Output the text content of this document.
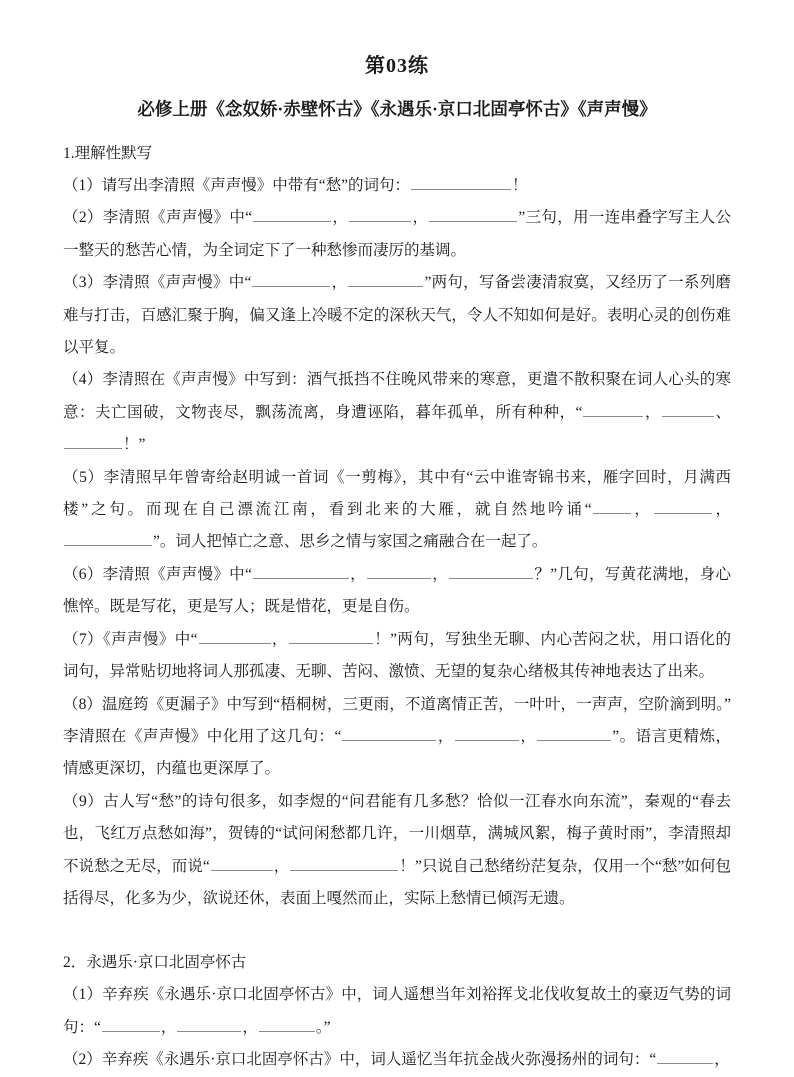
第03练
必修上册《念奴娇·赤壁怀古》《永遇乐·京口北固亭怀古》《声声慢》
1.理解性默写

（1）请写出李清照《声声慢》中带有“愁”的词句：	！

（2）李清照《声声慢》中“	，	，	”三句，用一连串叠字写主人公一整天的愁苦心情，为全词定下了一种愁惨而凄厉的基调。

（3）李清照《声声慢》中“	，	”两句，写备尝凄清寂寞，又经历了一系列磨难与打击，百感汇聚于胸，偏又逢上冷暖不定的深秋天气，令人不知如何是好。表明心灵的创伤难以平复。

（4）李清照在《声声慢》中写到：酒气抵挡不住晚风带来的寒意，更遣不散积聚在词人心头的寒意：夫亡国破，文物丧尽，飘荡流离，身遭诬陷，暮年孤单，所有种种，“	，	、！”

（5）李清照早年曾寄给赵明诚一首词《一剪梅》，其中有“云中谁寄锦书来，雁字回时，月满西楼”之句。而现在自己漂流江南，看到北来的大雁，就自然地吟诵“	，	，”。词人把悼亡之意、思乡之情与家国之痛融合在一起了。

（6）李清照《声声慢》中“	，	，	？”几句，写黄花满地，身心憔悴。既是写花，更是写人；既是惜花，更是自伤。

（7）《声声慢》中“	，	！”两句，写独坐无聊、内心苦闷之状，用口语化的词句，异常贴切地将词人那孤凄、无聊、苦闷、激愤、无望的复杂心绪极其传神地表达了出来。

（8）温庭筠《更漏子》中写到“梧桐树，三更雨，不道离情正苦，一叶叶，一声声，空阶滴到明。” 李清照在《声声慢》中化用了这几句：“	，	，	”。语言更精炼，情感更深切，内蕴也更深厚了。

（9）古人写“愁”的诗句很多，如李煜的“问君能有几多愁？恰似一江春水向东流”，秦观的“春去也，飞红万点愁如海”，贺铸的“试问闲愁都几许，一川烟草，满城风絮，梅子黄时雨”，李清照却不说愁之无尽，而说“	，	！”只说自己愁绪纷茫复杂，仅用一个“愁”如何包括得尽，化多为少，欲说还休，表面上嘎然而止，实际上愁情已倾泻无遗。

2．永遇乐·京口北固亭怀古

（1）辛弃疾《永遇乐·京口北固亭怀古》中，词人遥想当年刘裕挥戈北伐收复故土的豪迈气势的词句：“	，	，	。”

（2）辛弃疾《永遇乐·京口北固亭怀古》中，词人遥忆当年抗金战火弥漫扬州的词句：“	，
